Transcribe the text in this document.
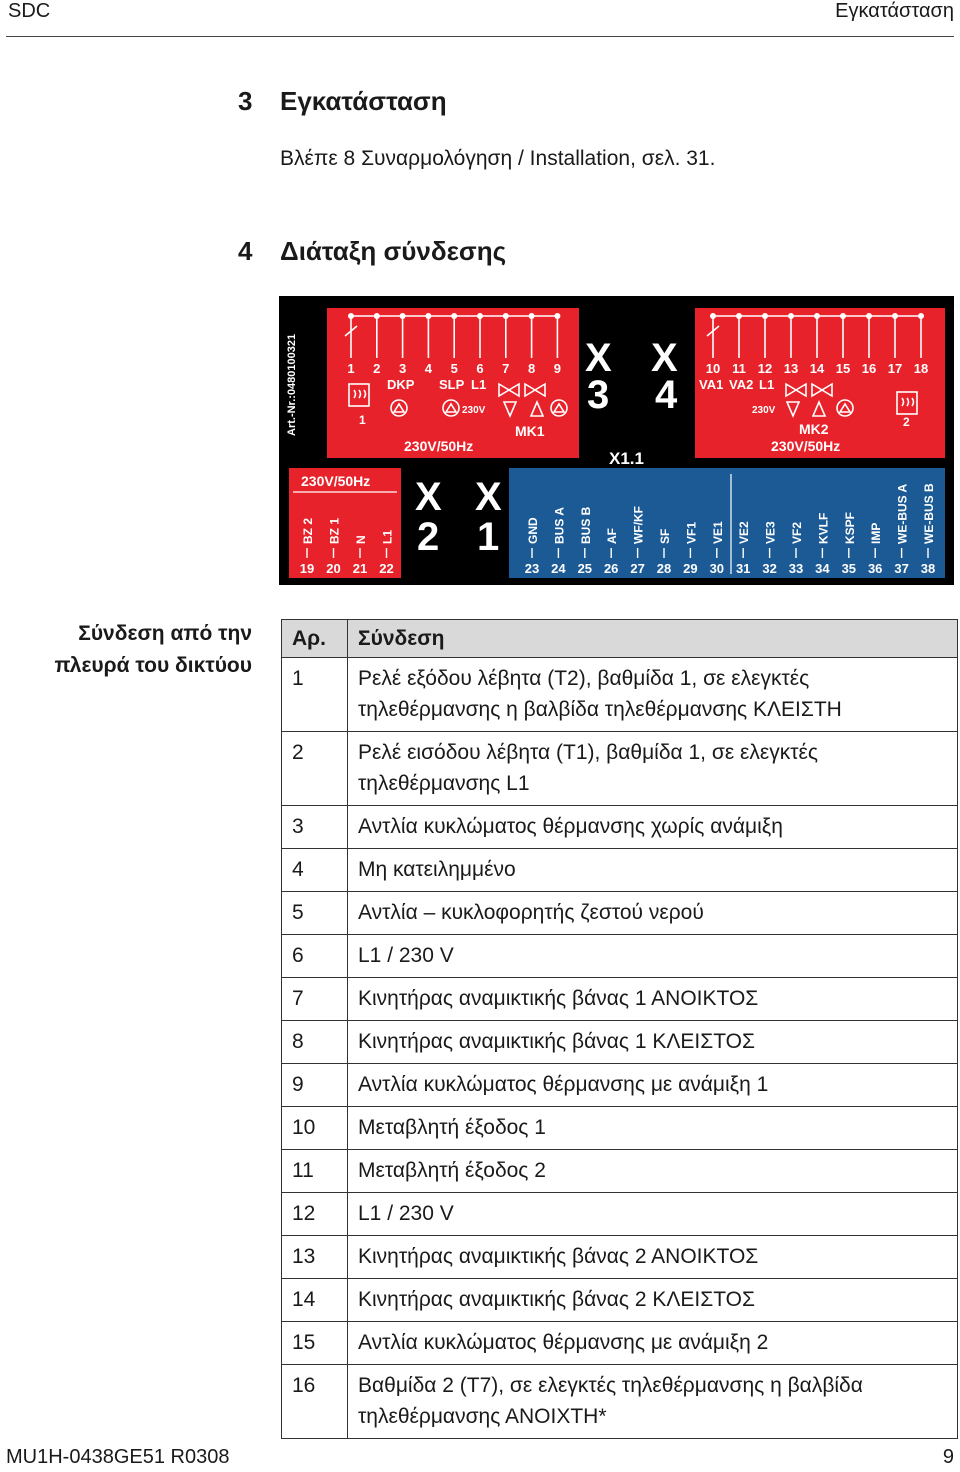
SDC	Εγκατάσταση
3 Εγκατάσταση
Βλέπε 8 Συναρμολόγηση / Installation, σελ. 31.
4 Διάταξη σύνδεσης
Art.-Nr.:0480100321	1 2 3 4 5 6 7 8 9
DKP SLP L1
230V
MK1
230V/50Hz
10 11 12 13 14 15 16 17 18
VA1 VA2 L1
230V
MK2
230V/50Hz
2
1
X
3
X
4
X1.1
X
2
X
1
230V/50Hz
BZ 2
19
BZ 1
20
N
21
L1
22
GND
23
BUS A
24
BUS B
25
AF
26
WF/KF
27
SF
28
VF1
29
VE1
30
VE2
31
VE3
32
VF2
33
KVLF
34
KSPF
35
IMP
36
WE-BUS A
37
WE-BUS B
38
Σύνδεση από την
πλευρά του δικτύου
Αρ.	Σύνδεση
1	Ρελέ εξόδου λέβητα (T2), βαθμίδα 1, σε ελεγκτές τηλεθέρμανσης η βαλβίδα τηλεθέρμανσης ΚΛΕΙΣΤΗ
2	Ρελέ εισόδου λέβητα (T1), βαθμίδα 1, σε ελεγκτές τηλεθέρμανσης L1
3	Αντλία κυκλώματος θέρμανσης χωρίς ανάμιξη
4	Μη κατειλημμένο
5	Αντλία – κυκλοφορητής ζεστού νερού
6	L1 / 230 V
7	Κινητήρας αναμικτικής βάνας 1 ΑΝΟΙΚΤΟΣ
8	Κινητήρας αναμικτικής βάνας 1 ΚΛΕΙΣΤΟΣ
9	Αντλία κυκλώματος θέρμανσης με ανάμιξη 1
10	Μεταβλητή έξοδος 1
11	Μεταβλητή έξοδος 2
12	L1 / 230 V
13	Κινητήρας αναμικτικής βάνας 2 ΑΝΟΙΚΤΟΣ
14	Κινητήρας αναμικτικής βάνας 2 ΚΛΕΙΣΤΟΣ
15	Αντλία κυκλώματος θέρμανσης με ανάμιξη 2
16	Βαθμίδα 2 (T7), σε ελεγκτές τηλεθέρμανσης η βαλβίδα τηλεθέρμανσης ΑΝΟΙΧΤΗ*
MU1H-0438GE51 R0308	9
